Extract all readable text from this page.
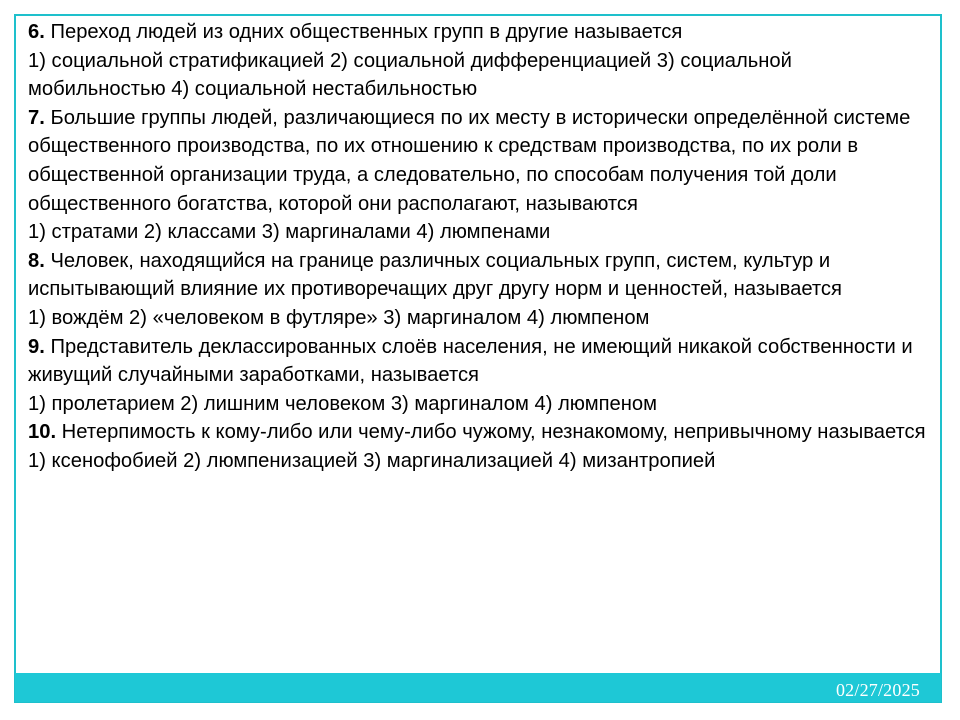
6. Переход людей из одних общественных групп в другие называется

1) социальной стратификацией 2) социальной дифференциацией 3) социальной мобильностью 4) социальной нестабильностью

7. Большие группы людей, различающиеся по их месту в исторически определённой системе общественного производства, по их отношению к средствам производства, по их роли в общественной организации труда, а следовательно, по способам получения той доли общественного богатства, которой они располагают, называются

1) стратами 2) классами 3) маргиналами 4) люмпенами

8. Человек, находящийся на границе различных социальных групп, систем, культур и испытывающий влияние их противоречащих друг другу норм и ценностей, называется

1) вождём 2) «человеком в футляре» 3) маргиналом 4) люмпеном

9. Представитель деклассированных слоёв населения, не имеющий никакой собственности и живущий случайными заработками, называется

1) пролетарием 2) лишним человеком 3) маргиналом 4) люмпеном

10. Нетерпимость к кому-либо или чему-либо чужому, незнакомому, непривычному называется

1) ксенофобией 2) люмпенизацией 3) маргинализацией 4) мизантропией

02/27/2025
